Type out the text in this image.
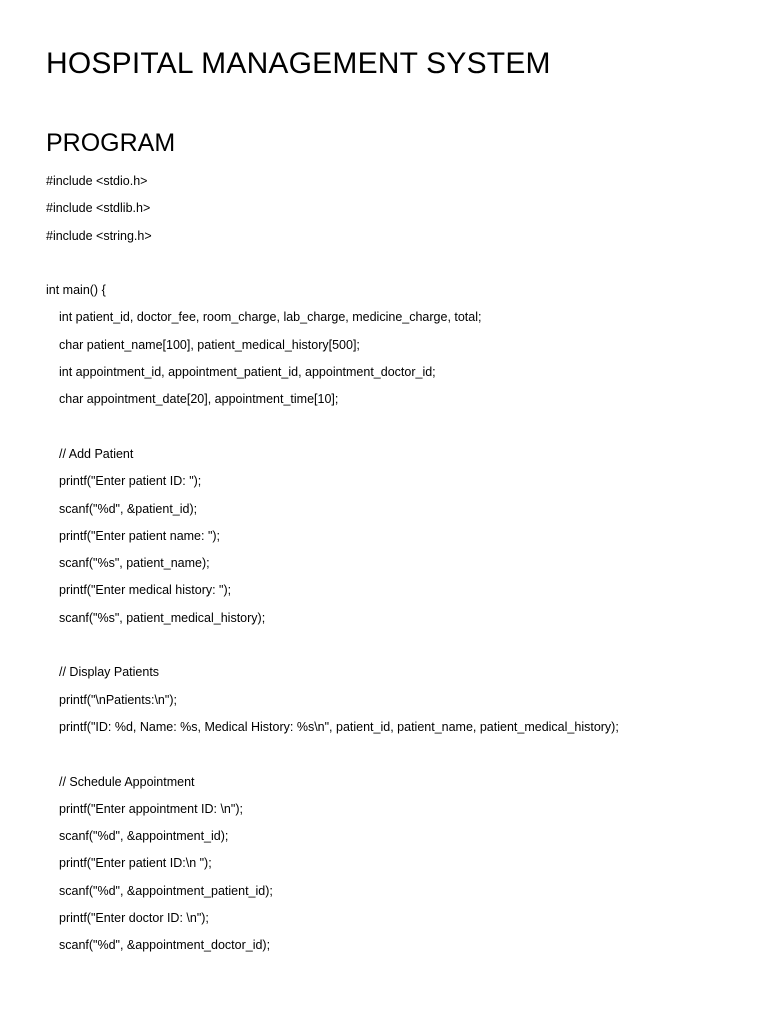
HOSPITAL MANAGEMENT SYSTEM
PROGRAM
#include <stdio.h>
#include <stdlib.h>
#include <string.h>
int main() {
int patient_id, doctor_fee, room_charge, lab_charge, medicine_charge, total;
char patient_name[100], patient_medical_history[500];
int appointment_id, appointment_patient_id, appointment_doctor_id;
char appointment_date[20], appointment_time[10];
// Add Patient
printf("Enter patient ID: ");
scanf("%d", &patient_id);
printf("Enter patient name: ");
scanf("%s", patient_name);
printf("Enter medical history: ");
scanf("%s", patient_medical_history);
// Display Patients
printf("\nPatients:\n");
printf("ID: %d, Name: %s, Medical History: %s\n", patient_id, patient_name, patient_medical_history);
// Schedule Appointment
printf("Enter appointment ID: \n");
scanf("%d", &appointment_id);
printf("Enter patient ID:\n ");
scanf("%d", &appointment_patient_id);
printf("Enter doctor ID: \n");
scanf("%d", &appointment_doctor_id);
